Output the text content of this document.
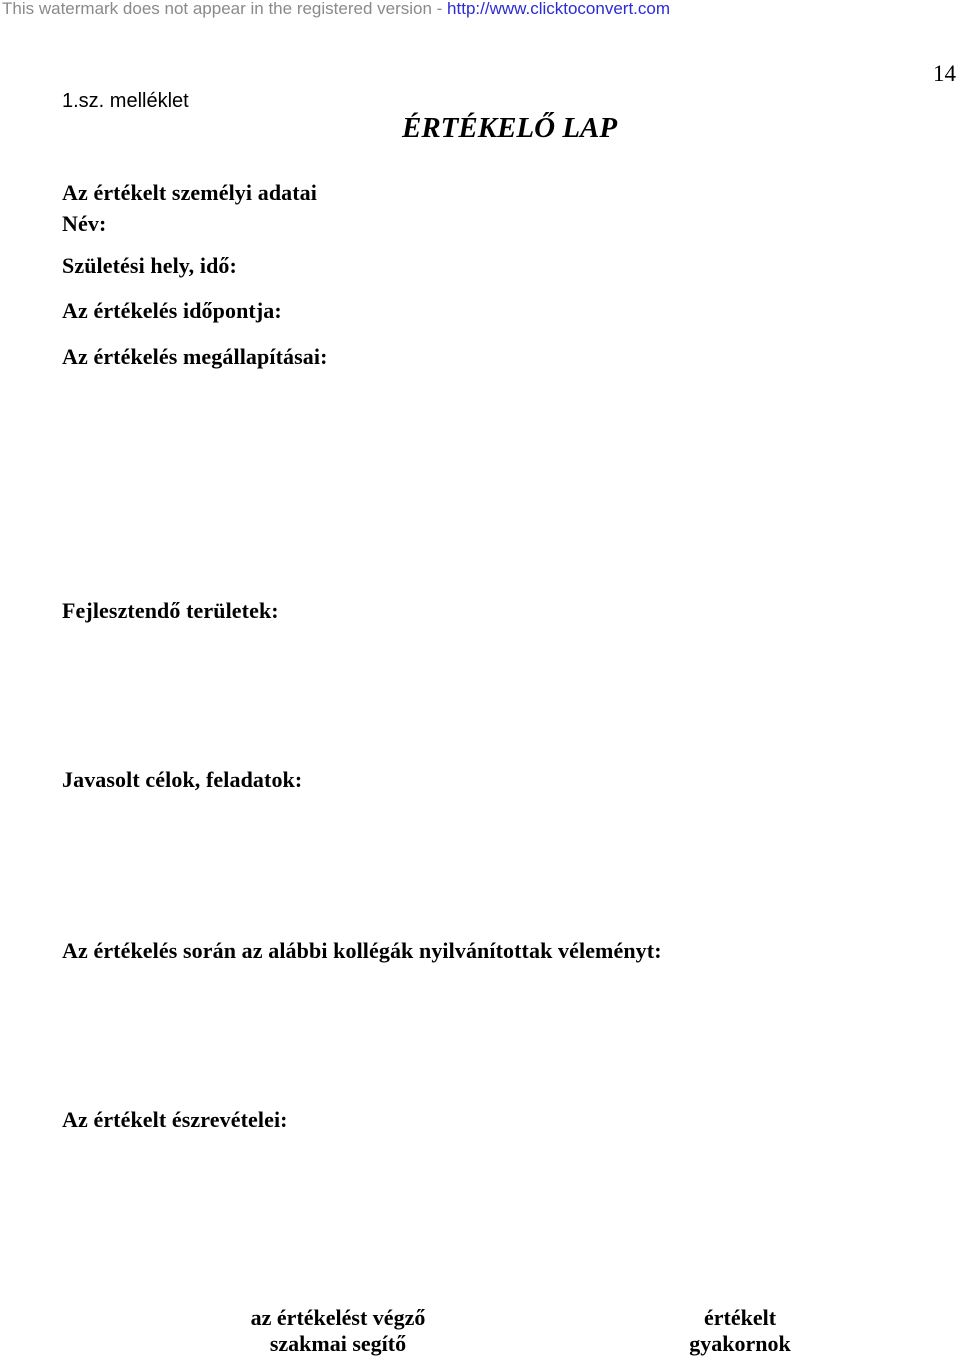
This watermark does not appear in the registered version - http://www.clicktoconvert.com
14
1.sz. melléklet
ÉRTÉKELŐ LAP
Az értékelt személyi adatai
Név:
Születési hely, idő:
Az értékelés időpontja:
Az értékelés megállapításai:
Fejlesztendő területek:
Javasolt célok, feladatok:
Az értékelés során az alábbi kollégák nyilvánítottak véleményt:
Az értékelt észrevételei:
az értékelést végző
szakmai segítő
értékelt
gyakornok
